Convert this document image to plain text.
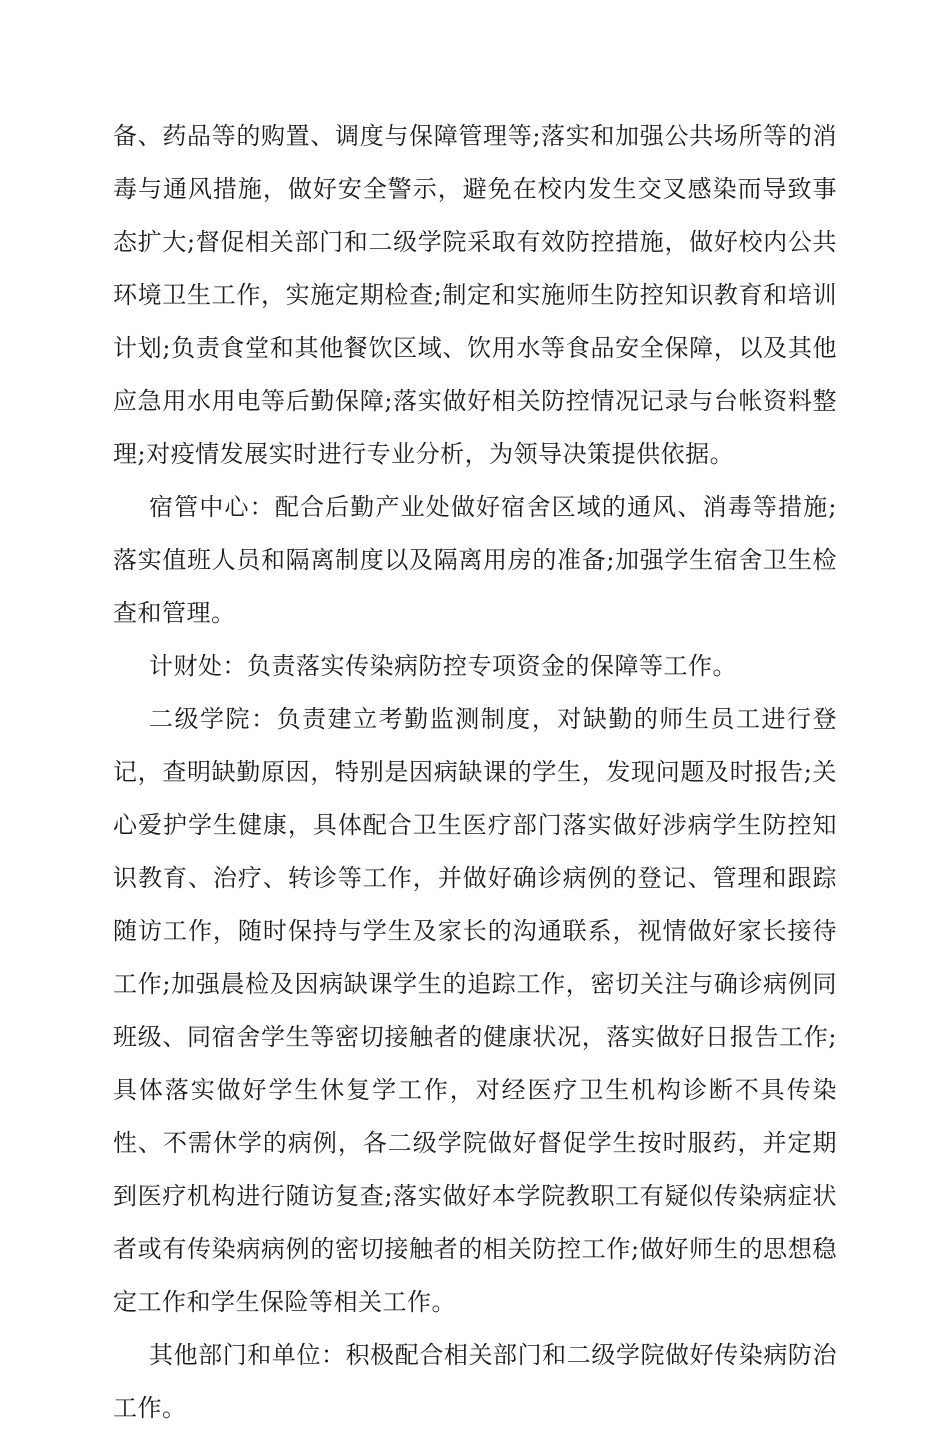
备、药品等的购置、调度与保障管理等;落实和加强公共场所等的消毒与通风措施，做好安全警示，避免在校内发生交叉感染而导致事态扩大;督促相关部门和二级学院采取有效防控措施，做好校内公共环境卫生工作，实施定期检查;制定和实施师生防控知识教育和培训计划;负责食堂和其他餐饮区域、饮用水等食品安全保障，以及其他应急用水用电等后勤保障;落实做好相关防控情况记录与台帐资料整理;对疫情发展实时进行专业分析，为领导决策提供依据。

宿管中心：配合后勤产业处做好宿舍区域的通风、消毒等措施;落实值班人员和隔离制度以及隔离用房的准备;加强学生宿舍卫生检查和管理。

计财处：负责落实传染病防控专项资金的保障等工作。

二级学院：负责建立考勤监测制度，对缺勤的师生员工进行登记，查明缺勤原因，特别是因病缺课的学生，发现问题及时报告;关心爱护学生健康，具体配合卫生医疗部门落实做好涉病学生防控知识教育、治疗、转诊等工作，并做好确诊病例的登记、管理和跟踪随访工作，随时保持与学生及家长的沟通联系，视情做好家长接待工作;加强晨检及因病缺课学生的追踪工作，密切关注与确诊病例同班级、同宿舍学生等密切接触者的健康状况，落实做好日报告工作;具体落实做好学生休复学工作，对经医疗卫生机构诊断不具传染性、不需休学的病例，各二级学院做好督促学生按时服药，并定期到医疗机构进行随访复查;落实做好本学院教职工有疑似传染病症状者或有传染病病例的密切接触者的相关防控工作;做好师生的思想稳定工作和学生保险等相关工作。

其他部门和单位：积极配合相关部门和二级学院做好传染病防治工作。
